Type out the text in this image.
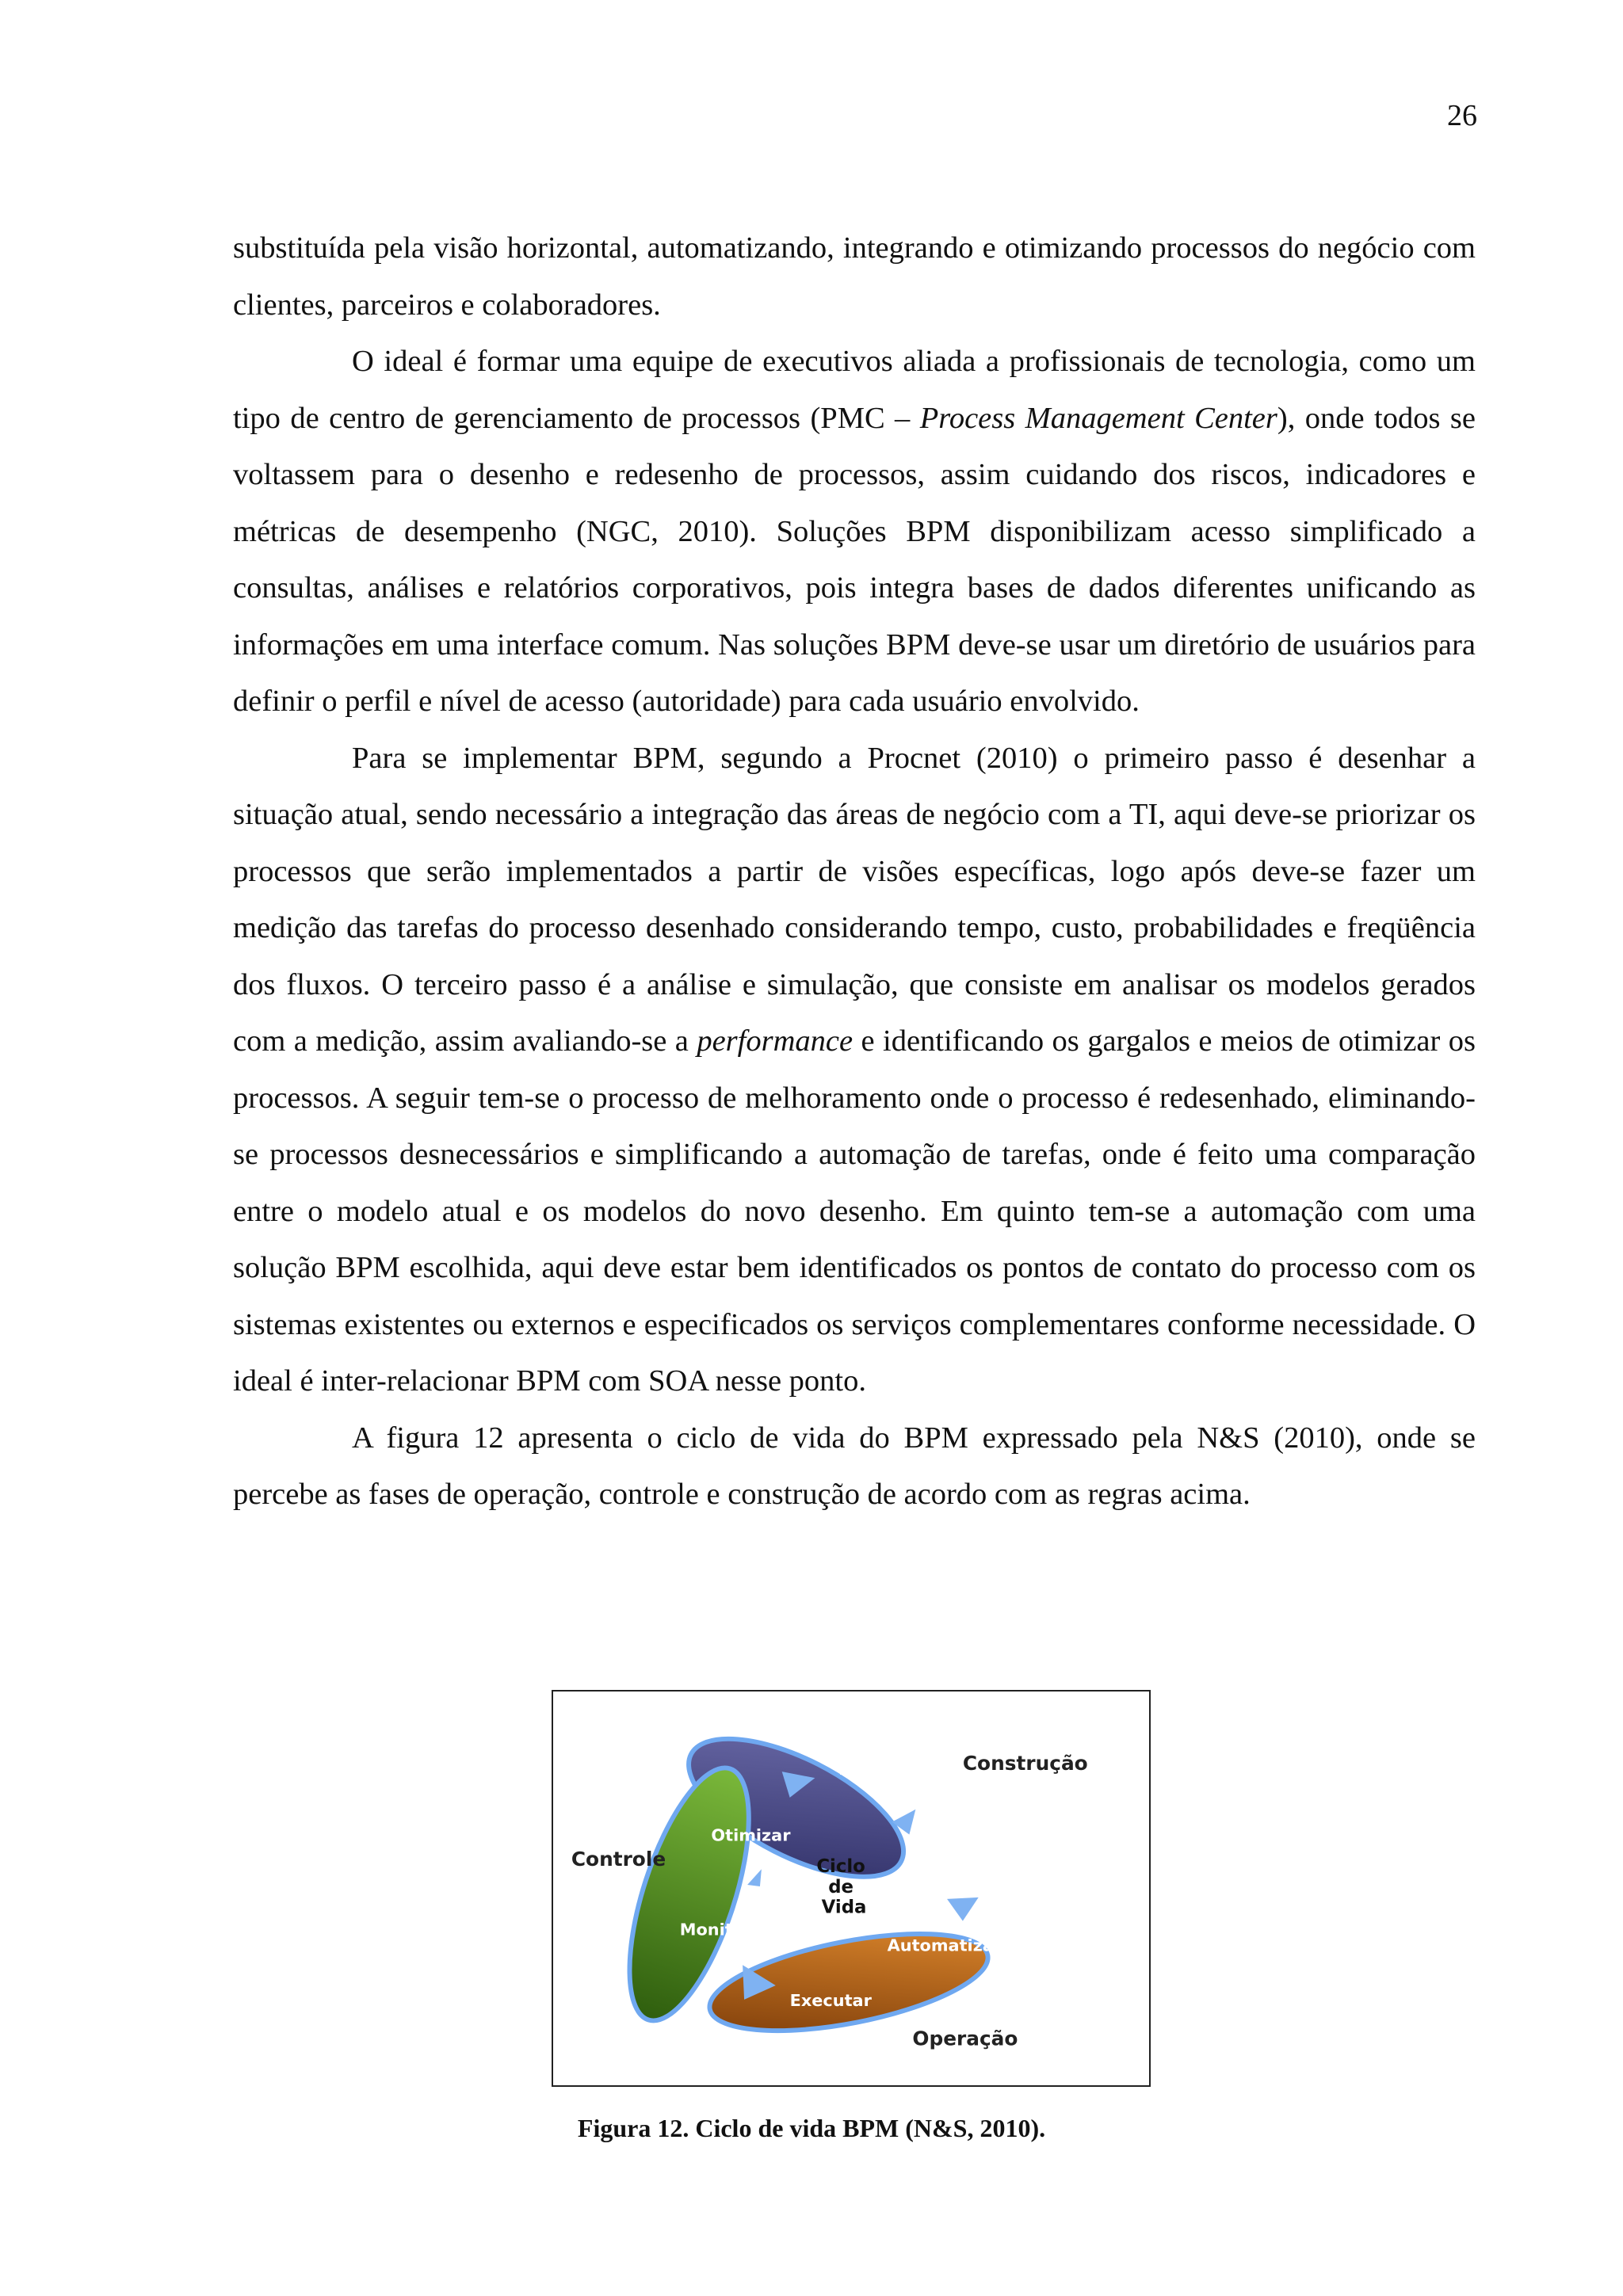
26

substituída pela visão horizontal, automatizando, integrando e otimizando processos do negócio com clientes, parceiros e colaboradores.

O ideal é formar uma equipe de executivos aliada a profissionais de tecnologia, como um tipo de centro de gerenciamento de processos (PMC – Process Management Center), onde todos se voltassem para o desenho e redesenho de processos, assim cuidando dos riscos, indicadores e métricas de desempenho (NGC, 2010). Soluções BPM disponibilizam acesso simplificado a consultas, análises e relatórios corporativos, pois integra bases de dados diferentes unificando as informações em uma interface comum. Nas soluções BPM deve-se usar um diretório de usuários para definir o perfil e nível de acesso (autoridade) para cada usuário envolvido.

Para se implementar BPM, segundo a Procnet (2010) o primeiro passo é desenhar a situação atual, sendo necessário a integração das áreas de negócio com a TI, aqui deve-se priorizar os processos que serão implementados a partir de visões específicas, logo após deve-se fazer um medição das tarefas do processo desenhado considerando tempo, custo, probabilidades e freqüência dos fluxos. O terceiro passo é a análise e simulação, que consiste em analisar os modelos gerados com a medição, assim avaliando-se a performance e identificando os gargalos e meios de otimizar os processos. A seguir tem-se o processo de melhoramento onde o processo é redesenhado, eliminando-se processos desnecessários e simplificando a automação de tarefas, onde é feito uma comparação entre o modelo atual e os modelos do novo desenho. Em quinto tem-se a automação com uma solução BPM escolhida, aqui deve estar bem identificados os pontos de contato do processo com os sistemas existentes ou externos e especificados os serviços complementares conforme necessidade. O ideal é inter-relacionar BPM com SOA nesse ponto.

A figura 12 apresenta o ciclo de vida do BPM expressado pela N&S (2010), onde se percebe as fases de operação, controle e construção de acordo com as regras acima.

Construção
Controle
Operação
Modelar
Simular
Otimizar
Monitorar
Automatizar
Executar
Ciclo de Vida
Figura 12. Ciclo de vida BPM (N&S, 2010).
